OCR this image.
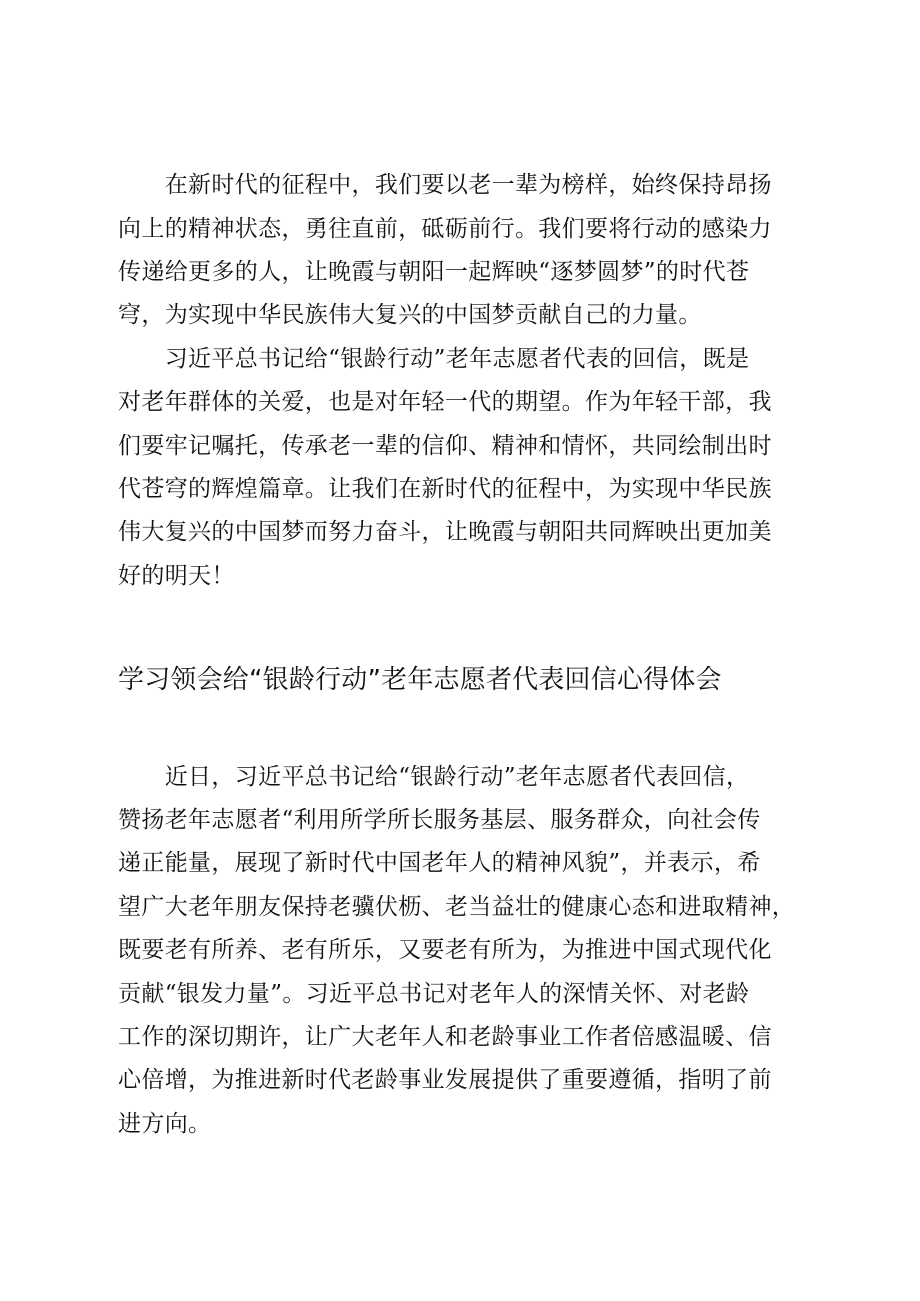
　　在新时代的征程中，我们要以老一辈为榜样，始终保持昂扬

向上的精神状态，勇往直前，砥砺前行。我们要将行动的感染力

传递给更多的人，让晚霞与朝阳一起辉映“逐梦圆梦”的时代苍

穹，为实现中华民族伟大复兴的中国梦贡献自己的力量。

　　习近平总书记给“银龄行动”老年志愿者代表的回信，既是

对老年群体的关爱，也是对年轻一代的期望。作为年轻干部，我

们要牢记嘱托，传承老一辈的信仰、精神和情怀，共同绘制出时

代苍穹的辉煌篇章。让我们在新时代的征程中，为实现中华民族

伟大复兴的中国梦而努力奋斗，让晚霞与朝阳共同辉映出更加美

好的明天！

学习领会给“银龄行动”老年志愿者代表回信心得体会

　　近日，习近平总书记给“银龄行动”老年志愿者代表回信，

赞扬老年志愿者“利用所学所长服务基层、服务群众，向社会传

递正能量，展现了新时代中国老年人的精神风貌”，并表示，希

望广大老年朋友保持老骥伏枥、老当益壮的健康心态和进取精神，

既要老有所养、老有所乐，又要老有所为，为推进中国式现代化

贡献“银发力量”。习近平总书记对老年人的深情关怀、对老龄

工作的深切期许，让广大老年人和老龄事业工作者倍感温暖、信

心倍增，为推进新时代老龄事业发展提供了重要遵循，指明了前

进方向。
